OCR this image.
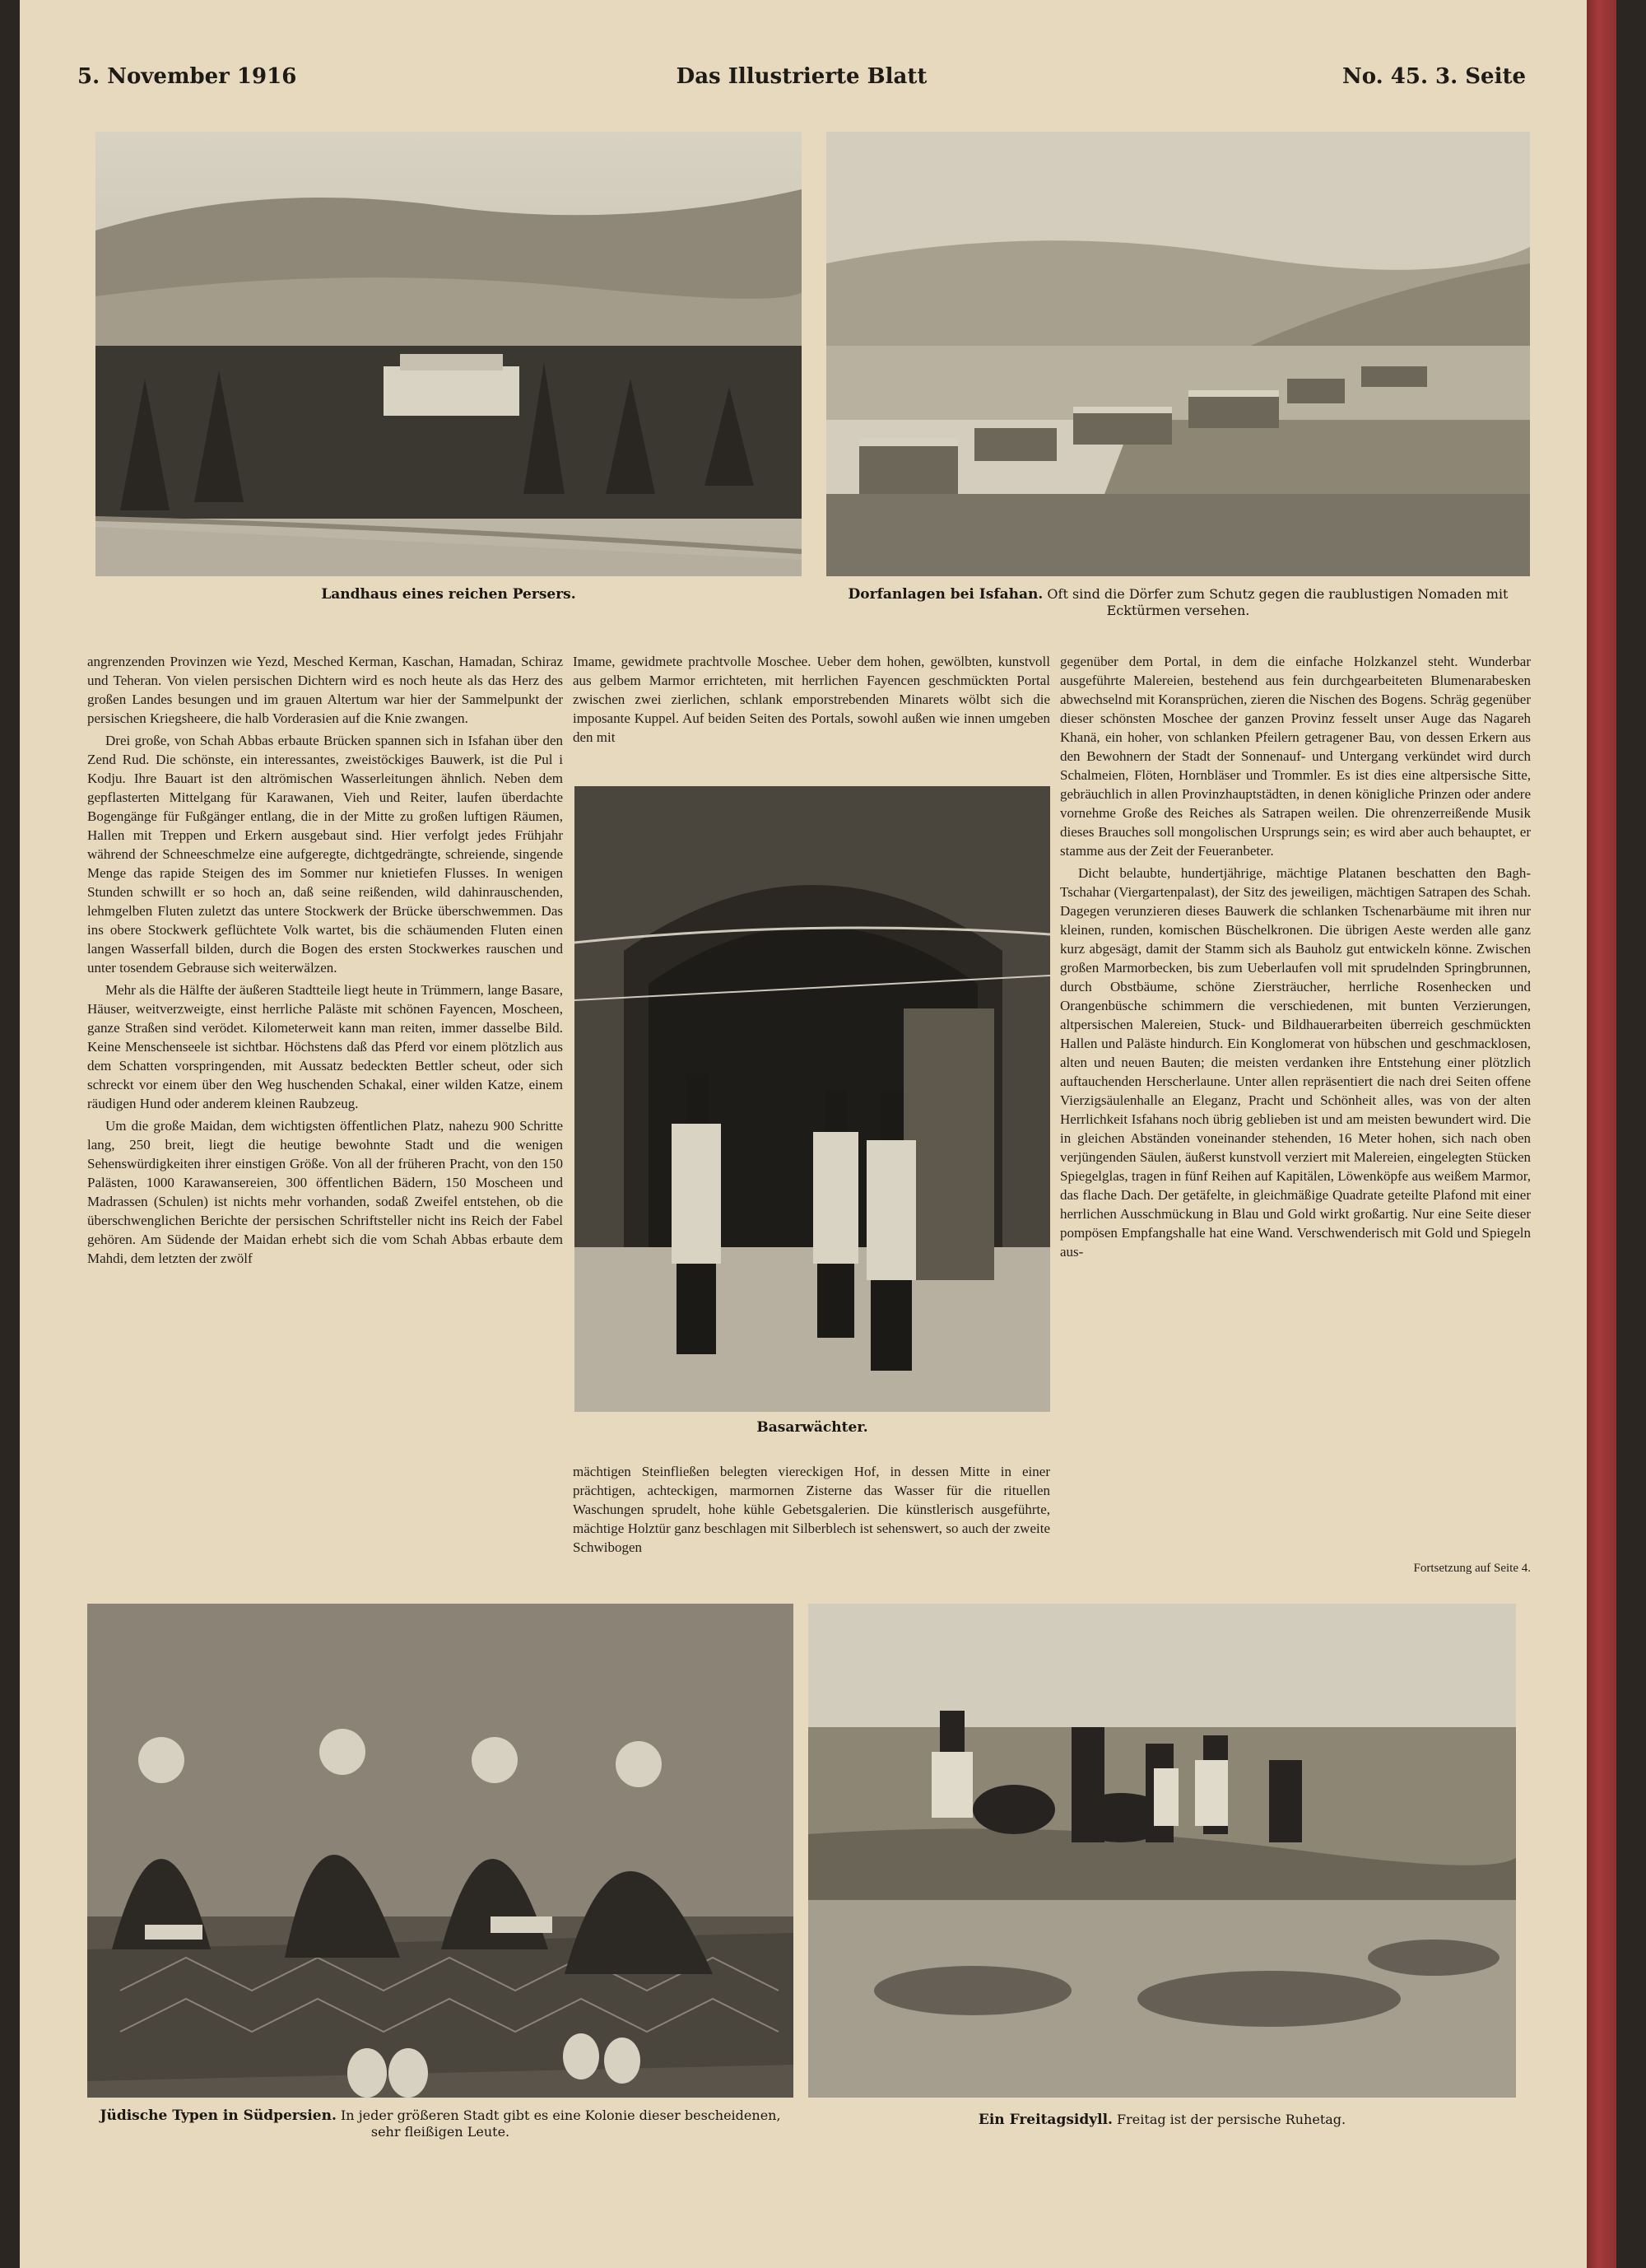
5. November 1916	Das Illustrierte Blatt	No. 45. 3. Seite
Landhaus eines reichen Persers.	Dorfanlagen bei Isfahan. Oft sind die Dörfer zum Schutz gegen die raublustigen Nomaden mit Ecktürmen versehen.

angrenzenden Provinzen wie Yezd, Mesched Kerman, Kaschan, Hamadan, Schiraz und Teheran. Von vielen persischen Dichtern wird es noch heute als das Herz des großen Landes besungen und im grauen Altertum war hier der Sammelpunkt der persischen Kriegsheere, die halb Vorderasien auf die Knie zwangen.

Drei große, von Schah Abbas erbaute Brücken spannen sich in Isfahan über den Zend Rud. Die schönste, ein interessantes, zweistöckiges Bauwerk, ist die Pul i Kodju. Ihre Bauart ist den altrömischen Wasserleitungen ähnlich. Neben dem gepflasterten Mittelgang für Karawanen, Vieh und Reiter, laufen überdachte Bogengänge für Fußgänger entlang, die in der Mitte zu großen luftigen Räumen, Hallen mit Treppen und Erkern ausgebaut sind. Hier verfolgt jedes Frühjahr während der Schneeschmelze eine aufgeregte, dichtgedrängte, schreiende, singende Menge das rapide Steigen des im Sommer nur knietiefen Flusses. In wenigen Stunden schwillt er so hoch an, daß seine reißenden, wild dahinrauschenden, lehmgelben Fluten zuletzt das untere Stockwerk der Brücke überschwemmen. Das ins obere Stockwerk geflüchtete Volk wartet, bis die schäumenden Fluten einen langen Wasserfall bilden, durch die Bogen des ersten Stockwerkes rauschen und unter tosendem Gebrause sich weiterwälzen.

Mehr als die Hälfte der äußeren Stadtteile liegt heute in Trümmern, lange Basare, Häuser, weitverzweigte, einst herrliche Paläste mit schönen Fayencen, Moscheen, ganze Straßen sind verödet. Kilometerweit kann man reiten, immer dasselbe Bild. Keine Menschenseele ist sichtbar. Höchstens daß das Pferd vor einem plötzlich aus dem Schatten vorspringenden, mit Aussatz bedeckten Bettler scheut, oder sich schreckt vor einem über den Weg huschenden Schakal, einer wilden Katze, einem räudigen Hund oder anderem kleinen Raubzeug.

Um die große Maidan, dem wichtigsten öffentlichen Platz, nahezu 900 Schritte lang, 250 breit, liegt die heutige bewohnte Stadt und die wenigen Sehenswürdigkeiten ihrer einstigen Größe. Von all der früheren Pracht, von den 150 Palästen, 1000 Karawansereien, 300 öffentlichen Bädern, 150 Moscheen und Madrassen (Schulen) ist nichts mehr vorhanden, sodaß Zweifel entstehen, ob die überschwenglichen Berichte der persischen Schriftsteller nicht ins Reich der Fabel gehören. Am Südende der Maidan erhebt sich die vom Schah Abbas erbaute dem Mahdi, dem letzten der zwölf

Imame, gewidmete prachtvolle Moschee. Ueber dem hohen, gewölbten, kunstvoll aus gelbem Marmor errichteten, mit herrlichen Fayencen geschmückten Portal zwischen zwei zierlichen, schlank emporstrebenden Minarets wölbt sich die imposante Kuppel. Auf beiden Seiten des Portals, sowohl außen wie innen umgeben den mit

Basarwächter.

mächtigen Steinfließen belegten viereckigen Hof, in dessen Mitte in einer prächtigen, achteckigen, marmornen Zisterne das Wasser für die rituellen Waschungen sprudelt, hohe kühle Gebetsgalerien. Die künstlerisch ausgeführte, mächtige Holztür ganz beschlagen mit Silberblech ist sehenswert, so auch der zweite Schwibogen

gegenüber dem Portal, in dem die einfache Holzkanzel steht. Wunderbar ausgeführte Malereien, bestehend aus fein durchgearbeiteten Blumenarabesken abwechselnd mit Koransprüchen, zieren die Nischen des Bogens. Schräg gegenüber dieser schönsten Moschee der ganzen Provinz fesselt unser Auge das Nagareh Khanä, ein hoher, von schlanken Pfeilern getragener Bau, von dessen Erkern aus den Bewohnern der Stadt der Sonnenauf- und Untergang verkündet wird durch Schalmeien, Flöten, Hornbläser und Trommler. Es ist dies eine altpersische Sitte, gebräuchlich in allen Provinzhauptstädten, in denen königliche Prinzen oder andere vornehme Große des Reiches als Satrapen weilen. Die ohrenzerreißende Musik dieses Brauches soll mongolischen Ursprungs sein; es wird aber auch behauptet, er stamme aus der Zeit der Feueranbeter.

Dicht belaubte, hundertjährige, mächtige Platanen beschatten den Bagh-Tschahar (Viergartenpalast), der Sitz des jeweiligen, mächtigen Satrapen des Schah. Dagegen verunzieren dieses Bauwerk die schlanken Tschenarbäume mit ihren nur kleinen, runden, komischen Büschelkronen. Die übrigen Aeste werden alle ganz kurz abgesägt, damit der Stamm sich als Bauholz gut entwickeln könne. Zwischen großen Marmorbecken, bis zum Ueberlaufen voll mit sprudelnden Springbrunnen, durch Obstbäume, schöne Ziersträucher, herrliche Rosenhecken und Orangenbüsche schimmern die verschiedenen, mit bunten Verzierungen, altpersischen Malereien, Stuck- und Bildhauerarbeiten überreich geschmückten Hallen und Paläste hindurch. Ein Konglomerat von hübschen und geschmacklosen, alten und neuen Bauten; die meisten verdanken ihre Entstehung einer plötzlich auftauchenden Herscherlaune. Unter allen repräsentiert die nach drei Seiten offene Vierzigsäulenhalle an Eleganz, Pracht und Schönheit alles, was von der alten Herrlichkeit Isfahans noch übrig geblieben ist und am meisten bewundert wird. Die in gleichen Abständen voneinander stehenden, 16 Meter hohen, sich nach oben verjüngenden Säulen, äußerst kunstvoll verziert mit Malereien, eingelegten Stücken Spiegelglas, tragen in fünf Reihen auf Kapitälen, Löwenköpfe aus weißem Marmor, das flache Dach. Der getäfelte, in gleichmäßige Quadrate geteilte Plafond mit einer herrlichen Ausschmückung in Blau und Gold wirkt großartig. Nur eine Seite dieser pompösen Empfangshalle hat eine Wand. Verschwenderisch mit Gold und Spiegeln aus-

Fortsetzung auf Seite 4.
Jüdische Typen in Südpersien. In jeder größeren Stadt gibt es eine Kolonie dieser bescheidenen, sehr fleißigen Leute.
Ein Freitagsidyll. Freitag ist der persische Ruhetag.
